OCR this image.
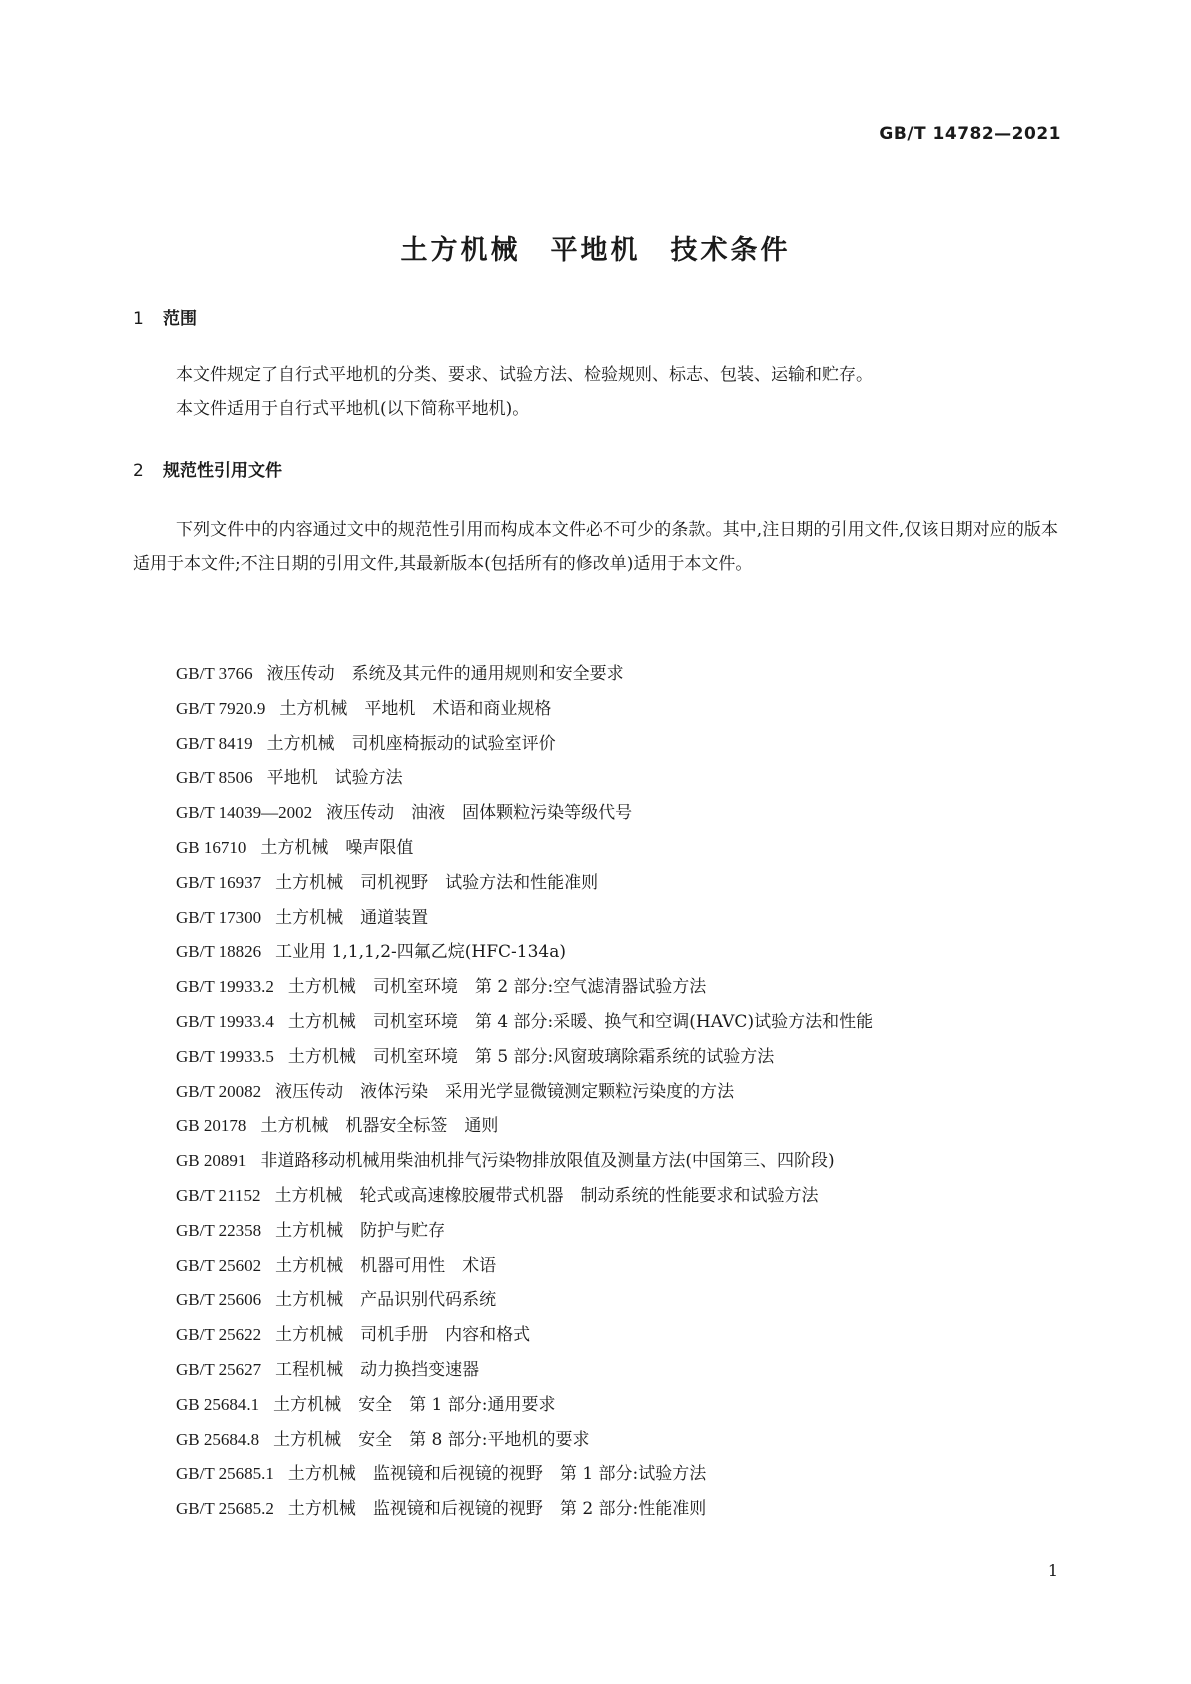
GB/T 14782—2021
土方机械　平地机　技术条件
1 范围
本文件规定了自行式平地机的分类、要求、试验方法、检验规则、标志、包装、运输和贮存。
本文件适用于自行式平地机(以下简称平地机)。
2 规范性引用文件
下列文件中的内容通过文中的规范性引用而构成本文件必不可少的条款。其中,注日期的引用文件,仅该日期对应的版本适用于本文件;不注日期的引用文件,其最新版本(包括所有的修改单)适用于本文件。
GB/T 3766 液压传动　系统及其元件的通用规则和安全要求
GB/T 7920.9 土方机械　平地机　术语和商业规格
GB/T 8419 土方机械　司机座椅振动的试验室评价
GB/T 8506 平地机　试验方法
GB/T 14039—2002 液压传动　油液　固体颗粒污染等级代号
GB 16710 土方机械　噪声限值
GB/T 16937 土方机械　司机视野　试验方法和性能准则
GB/T 17300 土方机械　通道装置
GB/T 18826 工业用 1,1,1,2-四氟乙烷(HFC-134a)
GB/T 19933.2 土方机械　司机室环境　第 2 部分:空气滤清器试验方法
GB/T 19933.4 土方机械　司机室环境　第 4 部分:采暖、换气和空调(HAVC)试验方法和性能
GB/T 19933.5 土方机械　司机室环境　第 5 部分:风窗玻璃除霜系统的试验方法
GB/T 20082 液压传动　液体污染　采用光学显微镜测定颗粒污染度的方法
GB 20178 土方机械　机器安全标签　通则
GB 20891 非道路移动机械用柴油机排气污染物排放限值及测量方法(中国第三、四阶段)
GB/T 21152 土方机械　轮式或高速橡胶履带式机器　制动系统的性能要求和试验方法
GB/T 22358 土方机械　防护与贮存
GB/T 25602 土方机械　机器可用性　术语
GB/T 25606 土方机械　产品识别代码系统
GB/T 25622 土方机械　司机手册　内容和格式
GB/T 25627 工程机械　动力换挡变速器
GB 25684.1 土方机械　安全　第 1 部分:通用要求
GB 25684.8 土方机械　安全　第 8 部分:平地机的要求
GB/T 25685.1 土方机械　监视镜和后视镜的视野　第 1 部分:试验方法
GB/T 25685.2 土方机械　监视镜和后视镜的视野　第 2 部分:性能准则
1
